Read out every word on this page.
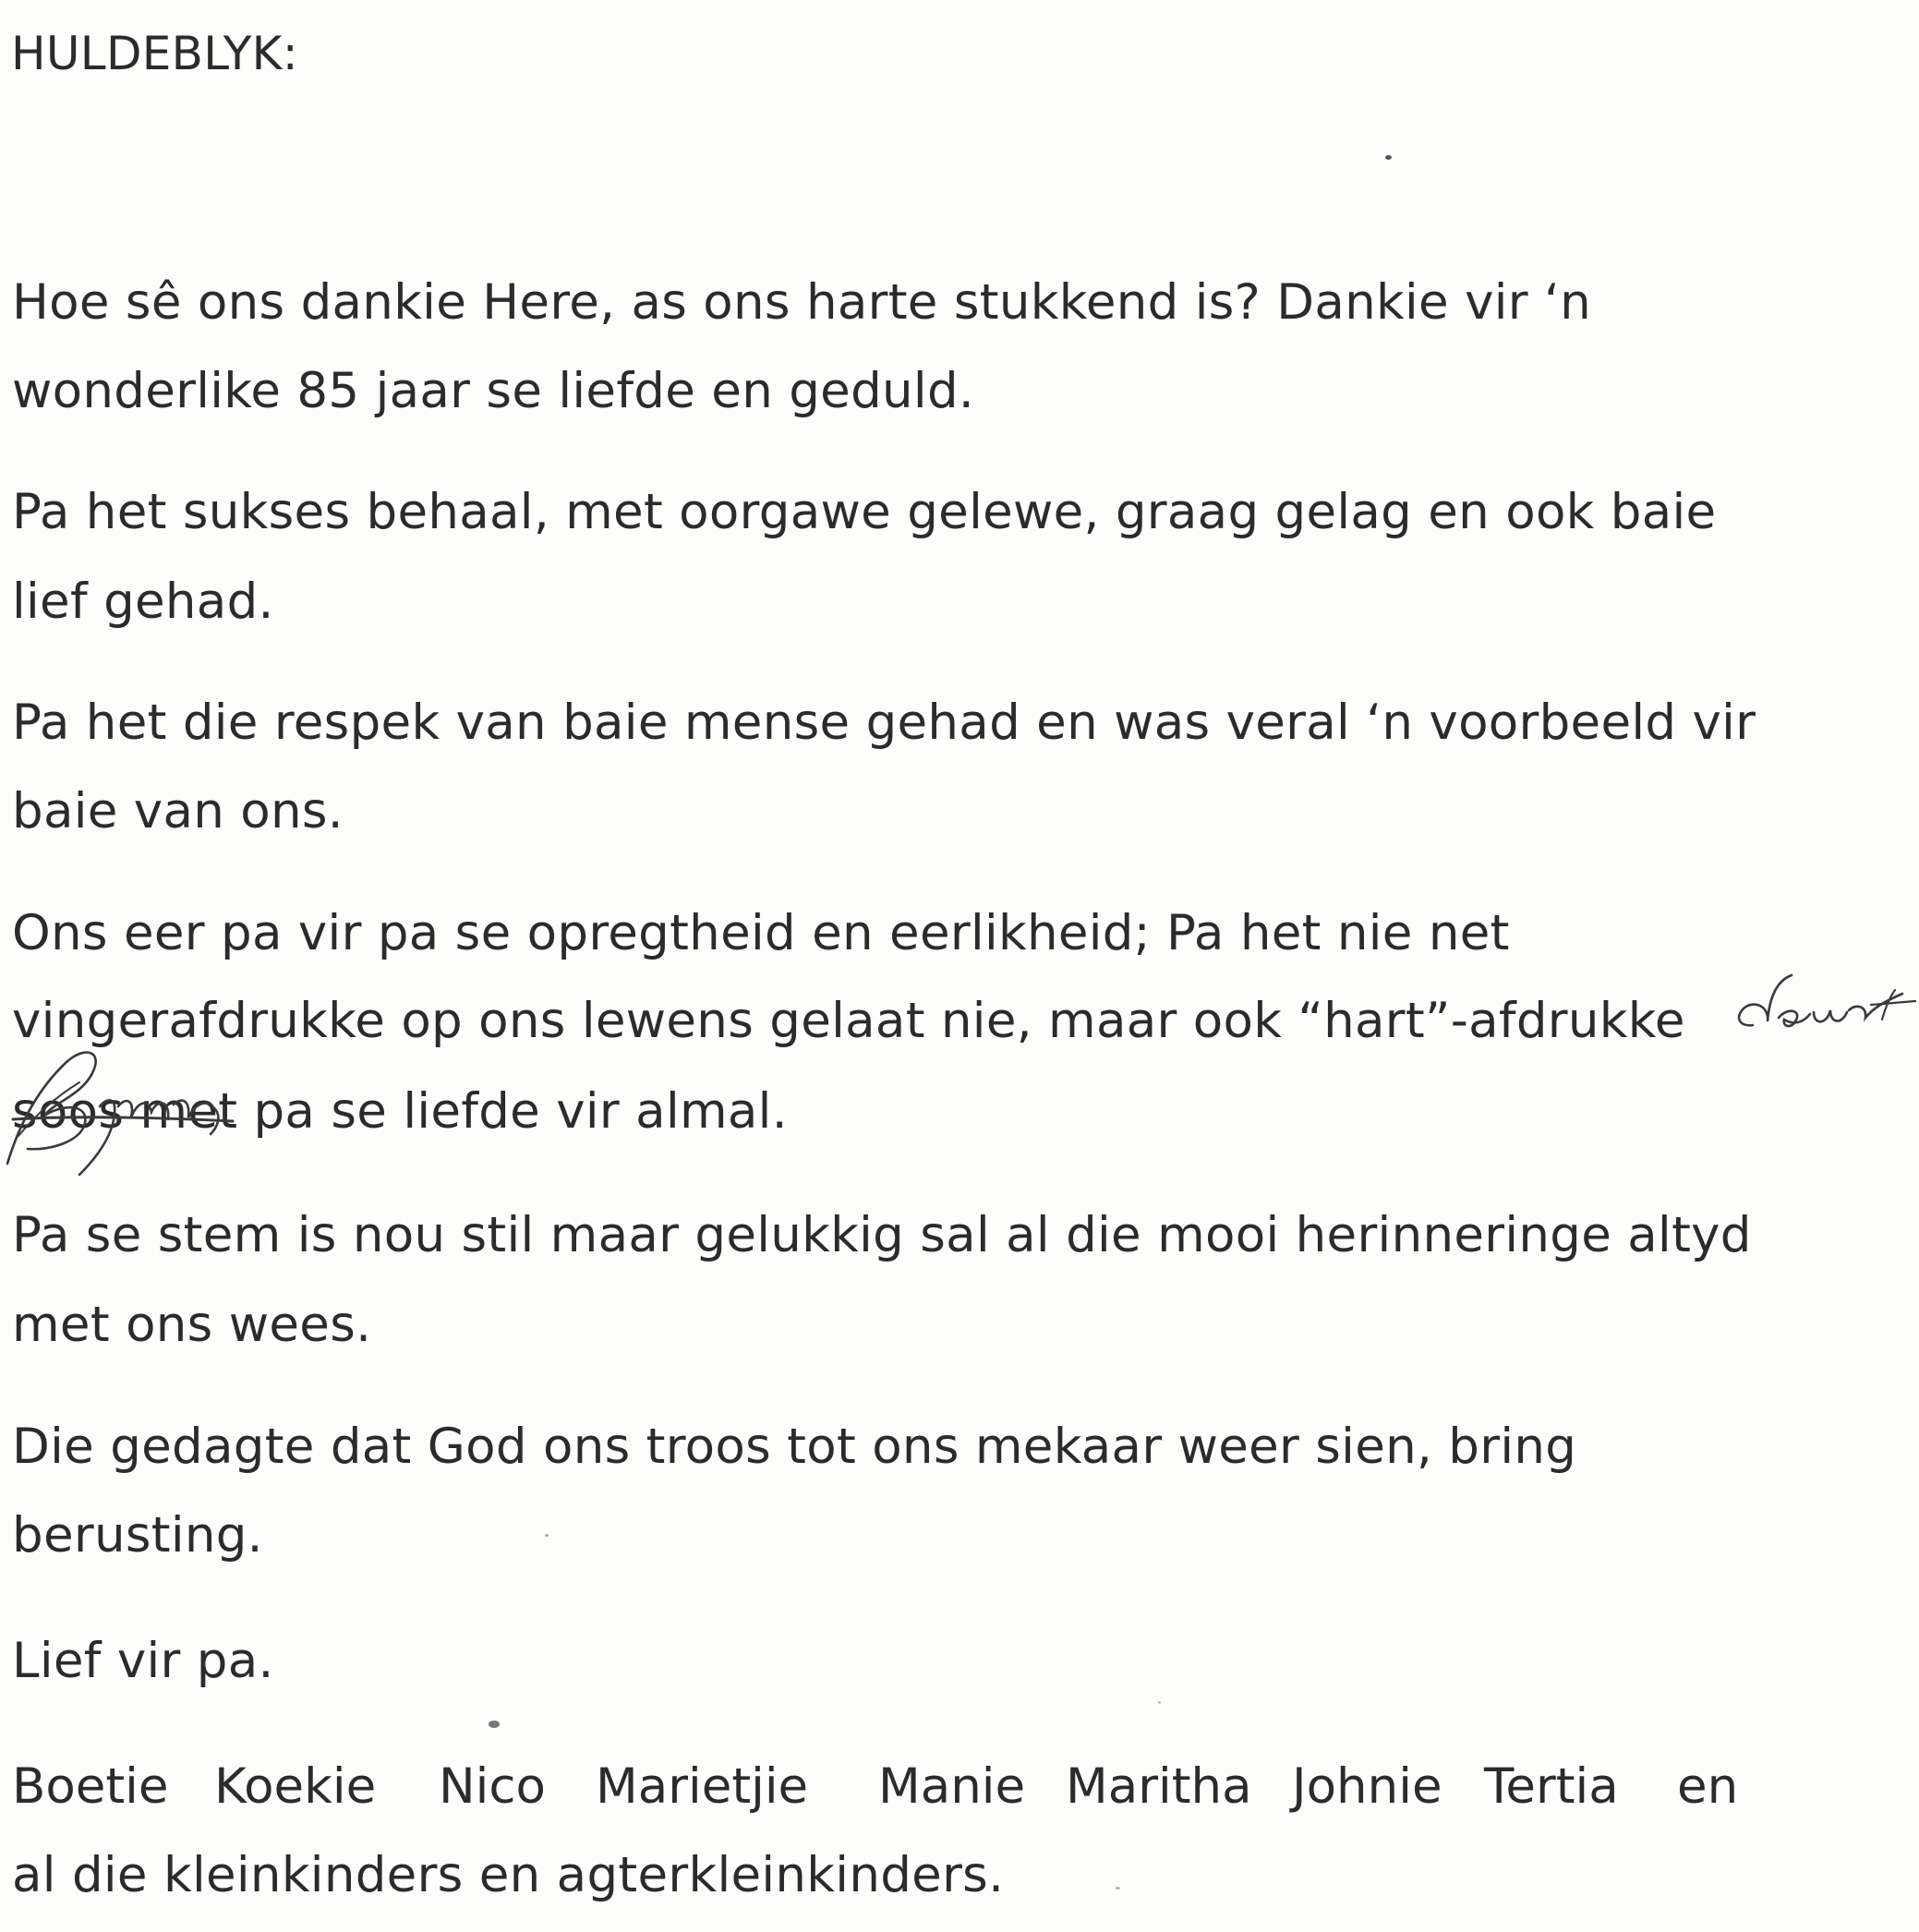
HULDEBLYK:
Hoe sê ons dankie Here, as ons harte stukkend is? Dankie vir ‘n
wonderlike 85 jaar se liefde en geduld.
Pa het sukses behaal, met oorgawe gelewe, graag gelag en ook baie
lief gehad.
Pa het die respek van baie mense gehad en was veral ‘n voorbeeld vir
baie van ons.
Ons eer pa vir pa se opregtheid en eerlikheid; Pa het nie net
vingerafdrukke op ons lewens gelaat nie, maar ook “hart”-afdrukke
soos met pa se liefde vir almal.
Pa se stem is nou stil maar gelukkig sal al die mooi herinneringe altyd
met ons wees.
Die gedagte dat God ons troos tot ons mekaar weer sien, bring
berusting.
Lief vir pa.
Boetie Koekie Nico Marietjie Manie Maritha Johnie Tertia en
al die kleinkinders en agterkleinkinders.
